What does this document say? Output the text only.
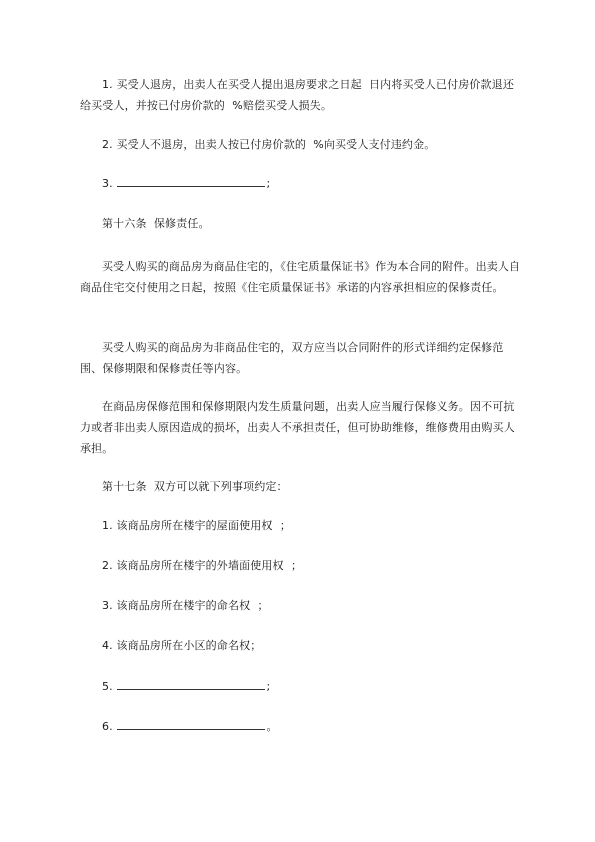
1. 买受人退房，出卖人在买受人提出退房要求之日起  日内将买受人已付房价款退还给买受人，并按已付房价款的  %赔偿买受人损失。

2. 买受人不退房，出卖人按已付房价款的  %向买受人支付违约金。

3.	;

第十六条  保修责任。

买受人购买的商品房为商品住宅的，《住宅质量保证书》作为本合同的附件。出卖人自商品住宅交付使用之日起，按照《住宅质量保证书》承诺的内容承担相应的保修责任。

买受人购买的商品房为非商品住宅的，双方应当以合同附件的形式详细约定保修范围、保修期限和保修责任等内容。

在商品房保修范围和保修期限内发生质量问题，出卖人应当履行保修义务。因不可抗力或者非出卖人原因造成的损坏，出卖人不承担责任，但可协助维修，维修费用由购买人承担。

第十七条  双方可以就下列事项约定：

1. 该商品房所在楼宇的屋面使用权  ；

2. 该商品房所在楼宇的外墙面使用权  ；

3. 该商品房所在楼宇的命名权  ；

4. 该商品房所在小区的命名权；

5.	;

6.	。
